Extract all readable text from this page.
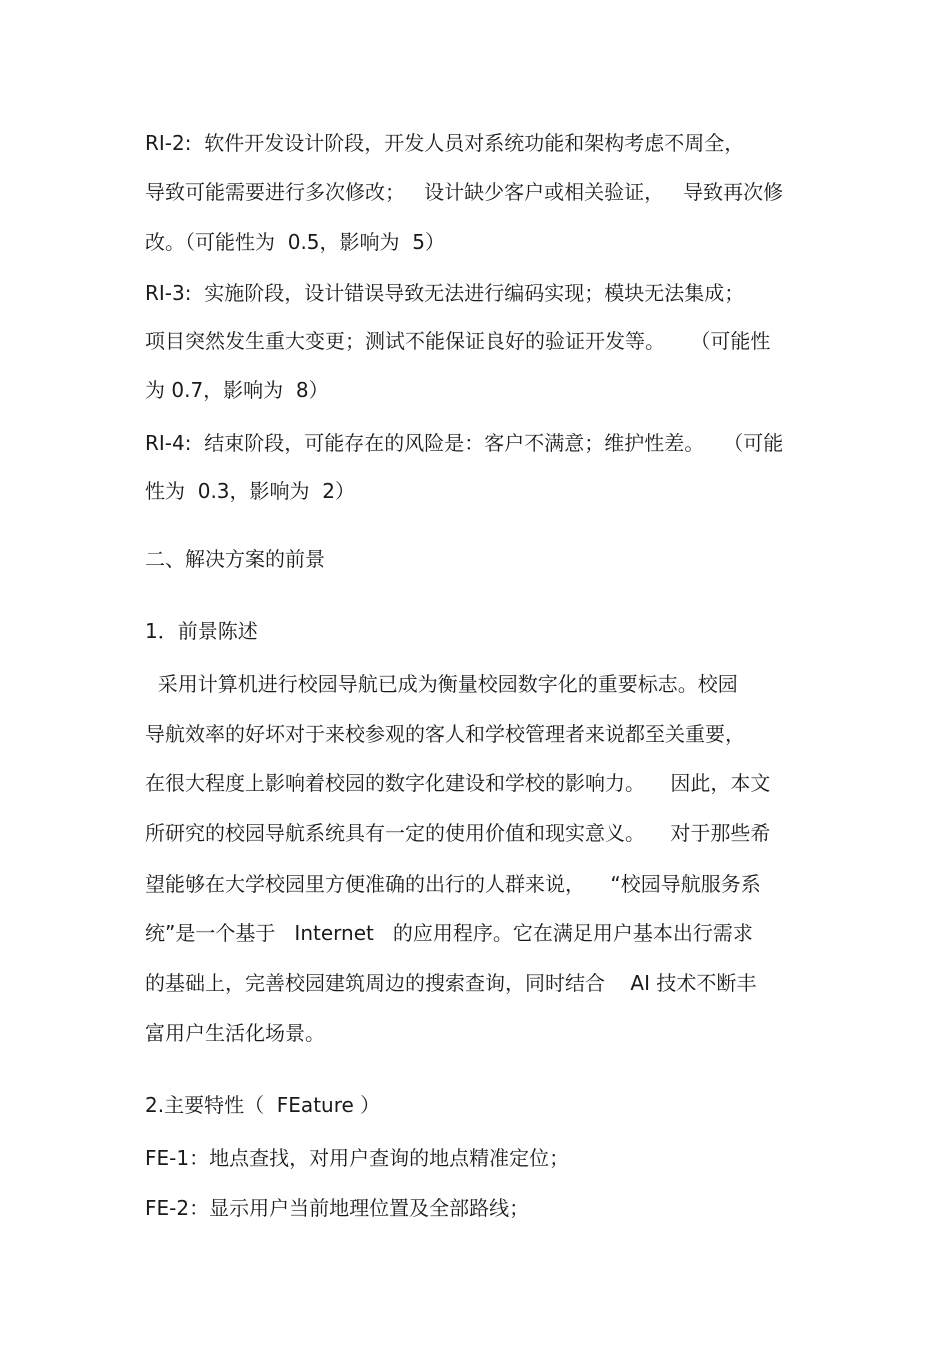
RI-2:  软件开发设计阶段，开发人员对系统功能和架构考虑不周全，
导致可能需要进行多次修改；   设计缺少客户或相关验证，   导致再次修
改。（可能性为  0.5，影响为  5）
RI-3:  实施阶段，设计错误导致无法进行编码实现；模块无法集成；
项目突然发生重大变更；测试不能保证良好的验证开发等。    （可能性
为 0.7，影响为  8）
RI-4:  结束阶段，可能存在的风险是：客户不满意；维护性差。   （可能
性为  0.3，影响为  2）
二、解决方案的前景
1．前景陈述
采用计算机进行校园导航已成为衡量校园数字化的重要标志。校园
导航效率的好坏对于来校参观的客人和学校管理者来说都至关重要，
在很大程度上影响着校园的数字化建设和学校的影响力。    因此，本文
所研究的校园导航系统具有一定的使用价值和现实意义。    对于那些希
望能够在大学校园里方便准确的出行的人群来说，    “校园导航服务系
统”是一个基于   Internet   的应用程序。它在满足用户基本出行需求
的基础上，完善校园建筑周边的搜索查询，同时结合    AI 技术不断丰
富用户生活化场景。
2.主要特性（  FEature ）
FE-1：地点查找，对用户查询的地点精准定位；
FE-2：显示用户当前地理位置及全部路线；
